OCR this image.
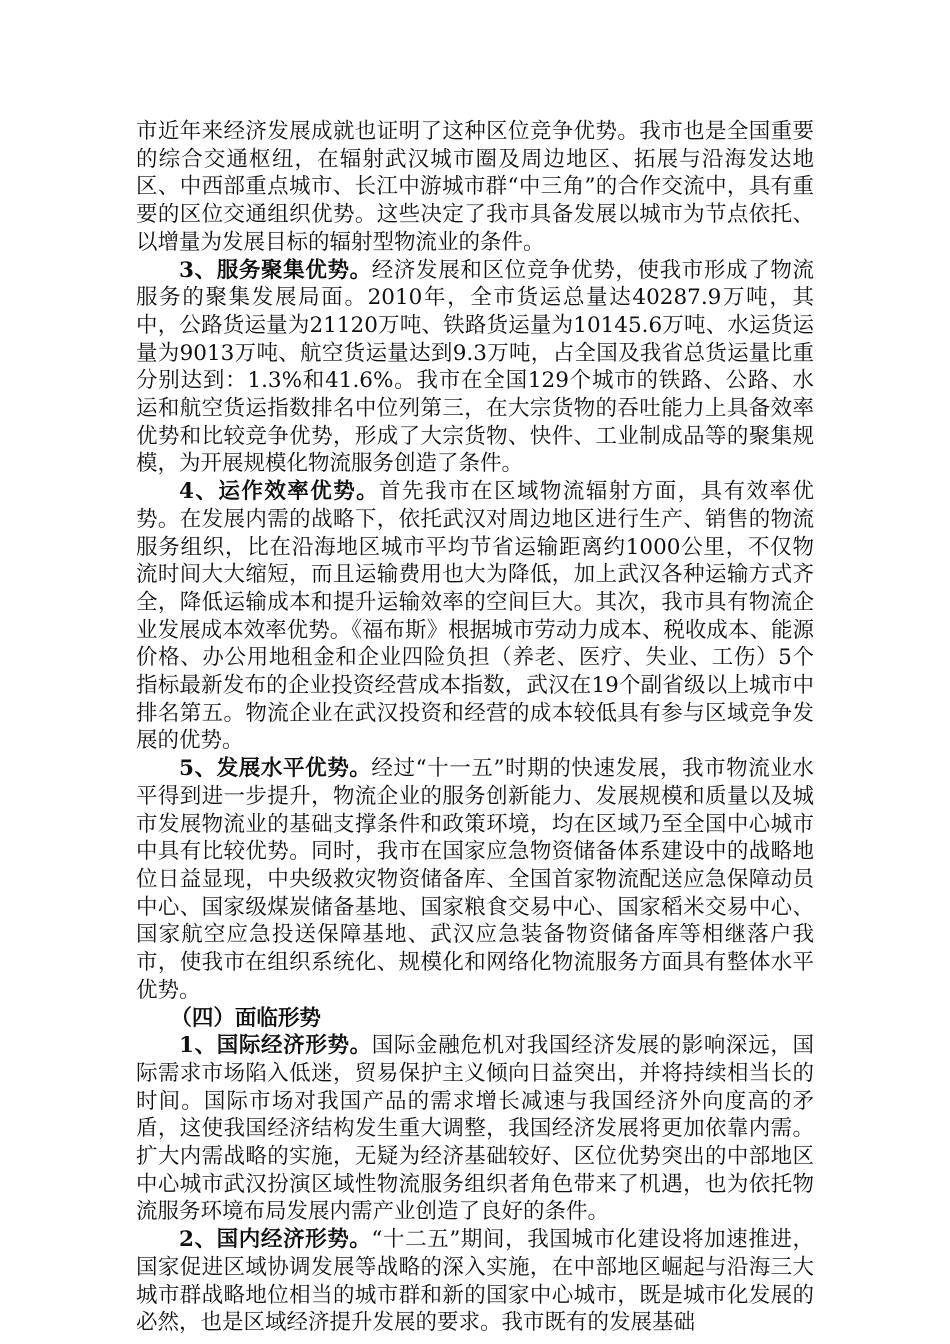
市近年来经济发展成就也证明了这种区位竞争优势。我市也是全国重要的综合交通枢纽，在辐射武汉城市圈及周边地区、拓展与沿海发达地区、中西部重点城市、长江中游城市群“中三角”的合作交流中，具有重要的区位交通组织优势。这些决定了我市具备发展以城市为节点依托、以增量为发展目标的辐射型物流业的条件。

3、服务聚集优势。经济发展和区位竞争优势，使我市形成了物流服务的聚集发展局面。2010年，全市货运总量达40287.9万吨，其中，公路货运量为21120万吨、铁路货运量为10145.6万吨、水运货运量为9013万吨、航空货运量达到9.3万吨，占全国及我省总货运量比重分别达到：1.3%和41.6%。我市在全国129个城市的铁路、公路、水运和航空货运指数排名中位列第三，在大宗货物的吞吐能力上具备效率优势和比较竞争优势，形成了大宗货物、快件、工业制成品等的聚集规模，为开展规模化物流服务创造了条件。

4、运作效率优势。首先我市在区域物流辐射方面，具有效率优势。在发展内需的战略下，依托武汉对周边地区进行生产、销售的物流服务组织，比在沿海地区城市平均节省运输距离约1000公里，不仅物流时间大大缩短，而且运输费用也大为降低，加上武汉各种运输方式齐全，降低运输成本和提升运输效率的空间巨大。其次，我市具有物流企业发展成本效率优势。《福布斯》根据城市劳动力成本、税收成本、能源价格、办公用地租金和企业四险负担（养老、医疗、失业、工伤）5个指标最新发布的企业投资经营成本指数，武汉在19个副省级以上城市中排名第五。物流企业在武汉投资和经营的成本较低具有参与区域竞争发展的优势。

5、发展水平优势。经过“十一五”时期的快速发展，我市物流业水平得到进一步提升，物流企业的服务创新能力、发展规模和质量以及城市发展物流业的基础支撑条件和政策环境，均在区域乃至全国中心城市中具有比较优势。同时，我市在国家应急物资储备体系建设中的战略地位日益显现，中央级救灾物资储备库、全国首家物流配送应急保障动员中心、国家级煤炭储备基地、国家粮食交易中心、国家稻米交易中心、国家航空应急投送保障基地、武汉应急装备物资储备库等相继落户我市，使我市在组织系统化、规模化和网络化物流服务方面具有整体水平优势。

（四）面临形势

1、国际经济形势。国际金融危机对我国经济发展的影响深远，国际需求市场陷入低迷，贸易保护主义倾向日益突出，并将持续相当长的时间。国际市场对我国产品的需求增长减速与我国经济外向度高的矛盾，这使我国经济结构发生重大调整，我国经济发展将更加依靠内需。扩大内需战略的实施，无疑为经济基础较好、区位优势突出的中部地区中心城市武汉扮演区域性物流服务组织者角色带来了机遇，也为依托物流服务环境布局发展内需产业创造了良好的条件。

2、国内经济形势。“十二五”期间，我国城市化建设将加速推进，国家促进区域协调发展等战略的深入实施，在中部地区崛起与沿海三大城市群战略地位相当的城市群和新的国家中心城市，既是城市化发展的必然，也是区域经济提升发展的要求。我市既有的发展基础
